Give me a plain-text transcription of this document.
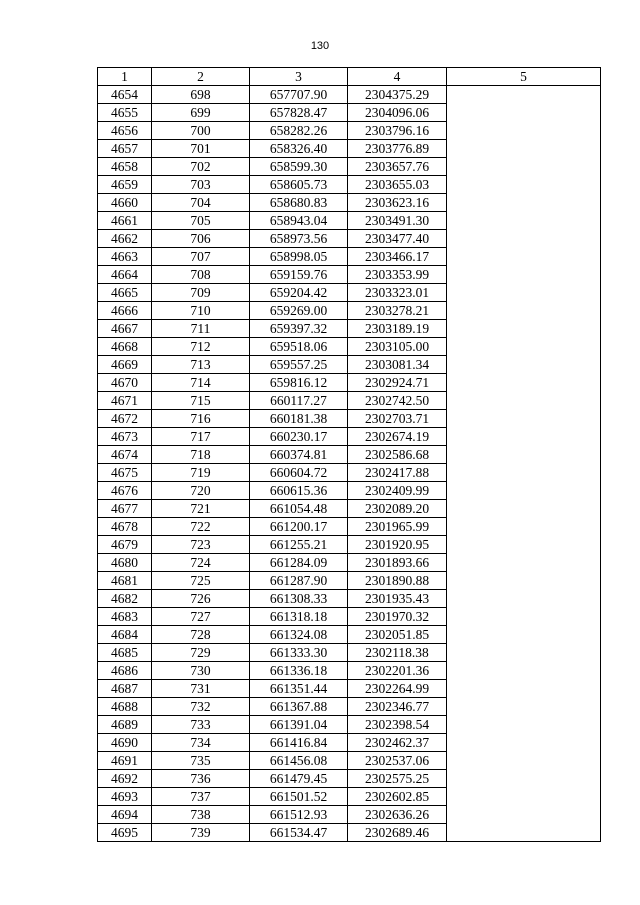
130
1	2	3	4	5
4654	698	657707.90	2304375.29	
4655	699	657828.47	2304096.06	
4656	700	658282.26	2303796.16	
4657	701	658326.40	2303776.89	
4658	702	658599.30	2303657.76	
4659	703	658605.73	2303655.03	
4660	704	658680.83	2303623.16	
4661	705	658943.04	2303491.30	
4662	706	658973.56	2303477.40	
4663	707	658998.05	2303466.17	
4664	708	659159.76	2303353.99	
4665	709	659204.42	2303323.01	
4666	710	659269.00	2303278.21	
4667	711	659397.32	2303189.19	
4668	712	659518.06	2303105.00	
4669	713	659557.25	2303081.34	
4670	714	659816.12	2302924.71	
4671	715	660117.27	2302742.50	
4672	716	660181.38	2302703.71	
4673	717	660230.17	2302674.19	
4674	718	660374.81	2302586.68	
4675	719	660604.72	2302417.88	
4676	720	660615.36	2302409.99	
4677	721	661054.48	2302089.20	
4678	722	661200.17	2301965.99	
4679	723	661255.21	2301920.95	
4680	724	661284.09	2301893.66	
4681	725	661287.90	2301890.88	
4682	726	661308.33	2301935.43	
4683	727	661318.18	2301970.32	
4684	728	661324.08	2302051.85	
4685	729	661333.30	2302118.38	
4686	730	661336.18	2302201.36	
4687	731	661351.44	2302264.99	
4688	732	661367.88	2302346.77	
4689	733	661391.04	2302398.54	
4690	734	661416.84	2302462.37	
4691	735	661456.08	2302537.06	
4692	736	661479.45	2302575.25	
4693	737	661501.52	2302602.85	
4694	738	661512.93	2302636.26	
4695	739	661534.47	2302689.46	
